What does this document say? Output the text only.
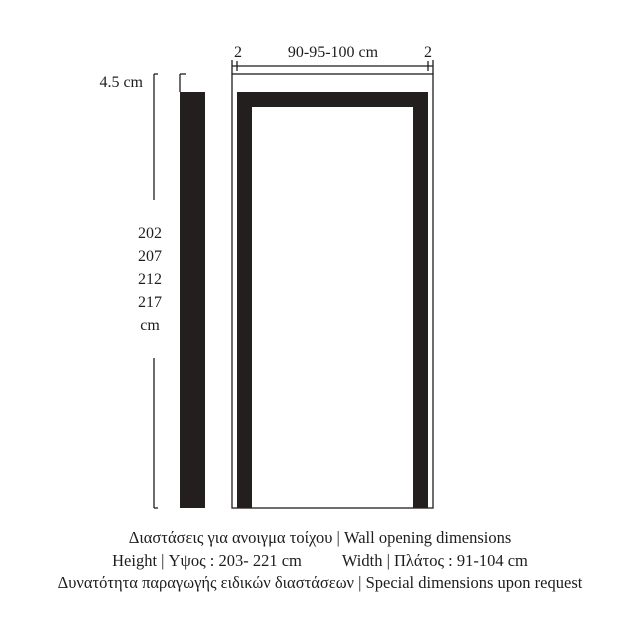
2	90-95-100 cm	2
4.5 cm
202
207
212
217
cm
Διαστάσεις για ανοιγμα τοίχου | Wall opening dimensions
Height | Υψος : 203- 221 cm Width | Πλάτος : 91-104 cm
Δυνατότητα παραγωγής ειδικών διαστάσεων | Special dimensions upon request
